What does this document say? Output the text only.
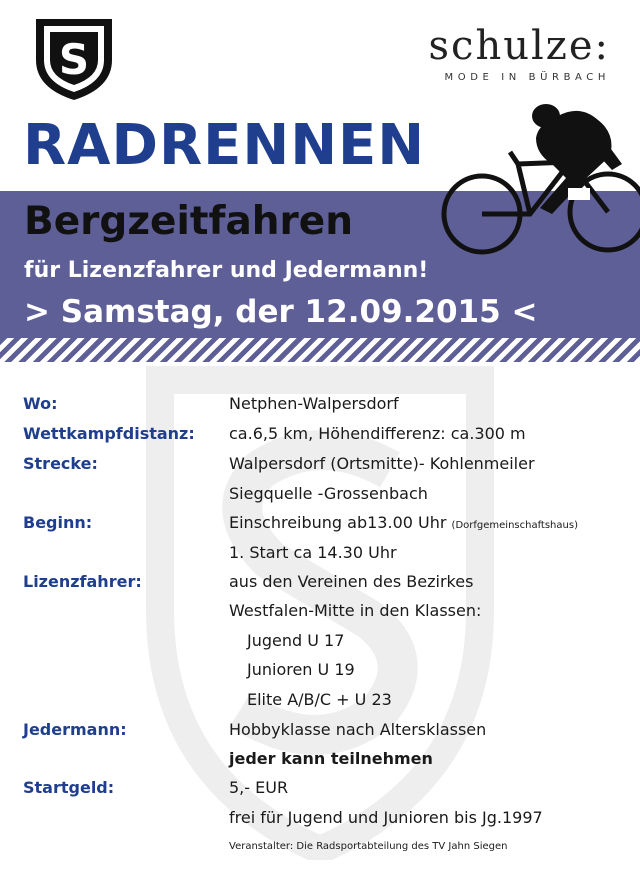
S	schulze:
MODE IN BÜRBACH
RADRENNEN
Bergzeitfahren
für Lizenzfahrer und Jedermann!
> Samstag, der 12.09.2015 <
Wo:	Netphen-Walpersdorf
Wettkampfdistanz: ca.6,5 km, Höhendifferenz: ca.300 m
Strecke:	Walpersdorf (Ortsmitte)- Kohlenmeiler
Siegquelle -Grossenbach
Beginn:	Einschreibung ab13.00 Uhr (Dorfgemeinschaftshaus)
1. Start ca 14.30 Uhr
Lizenzfahrer:	aus den Vereinen des Bezirkes
Westfalen-Mitte in den Klassen:
Jugend U 17
Junioren U 19
Elite A/B/C + U 23
Jedermann:	Hobbyklasse nach Altersklassen
jeder kann teilnehmen
Startgeld:	5,- EUR
frei für Jugend und Junioren bis Jg.1997
Veranstalter: Die Radsportabteilung des TV Jahn Siegen
